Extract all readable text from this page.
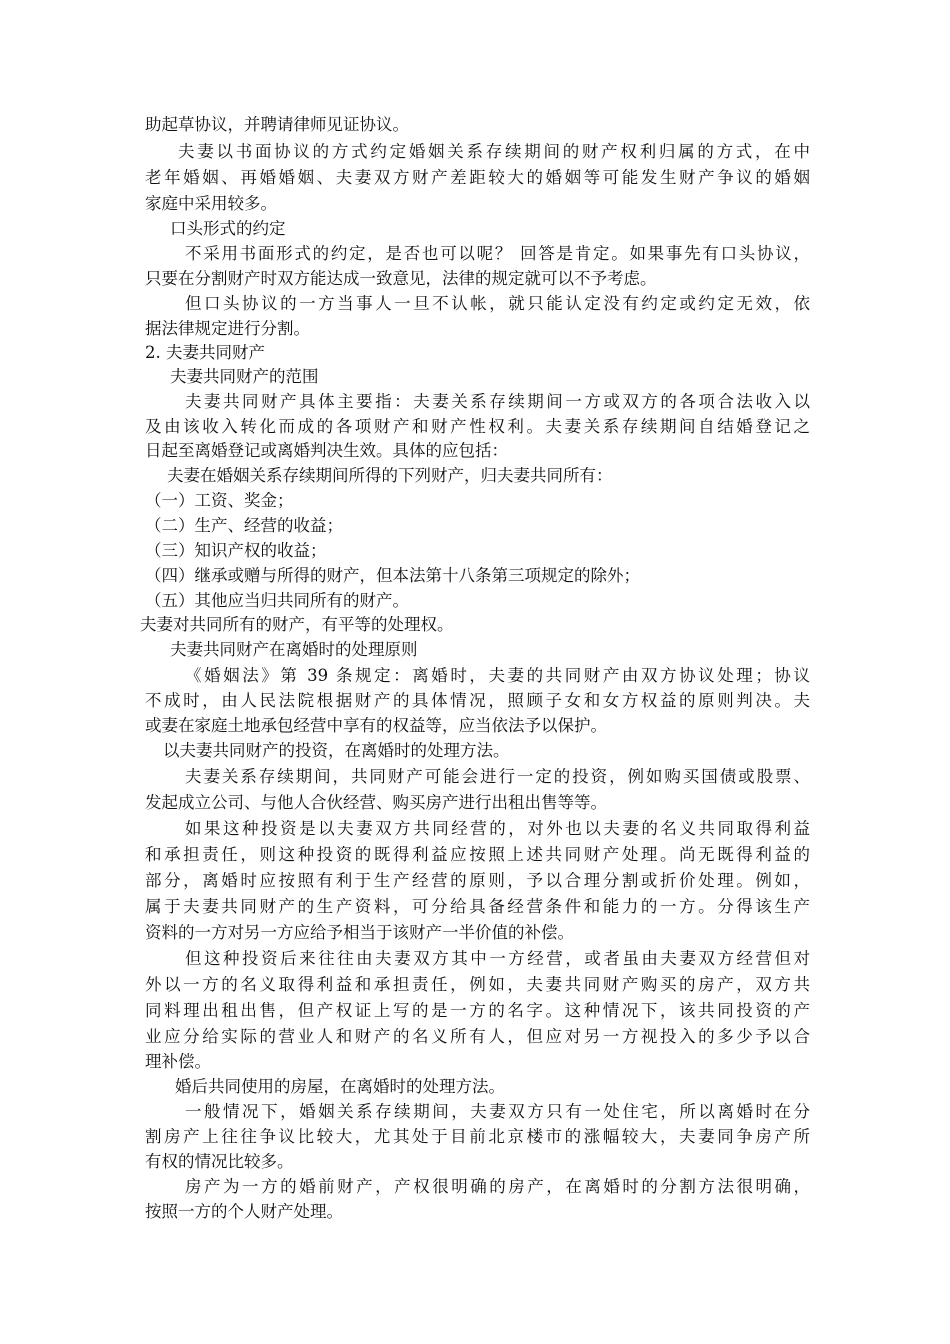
助起草协议，并聘请律师见证协议。
夫妻以书面协议的方式约定婚姻关系存续期间的财产权利归属的方式，在中
老年婚姻、再婚婚姻、夫妻双方财产差距较大的婚姻等可能发生财产争议的婚姻
家庭中采用较多。
口头形式的约定
不采用书面形式的约定，是否也可以呢？ 回答是肯定。如果事先有口头协议，
只要在分割财产时双方能达成一致意见，法律的规定就可以不予考虑。
但口头协议的一方当事人一旦不认帐，就只能认定没有约定或约定无效，依
据法律规定进行分割。
2. 夫妻共同财产
夫妻共同财产的范围
夫妻共同财产具体主要指：夫妻关系存续期间一方或双方的各项合法收入以
及由该收入转化而成的各项财产和财产性权利。夫妻关系存续期间自结婚登记之
日起至离婚登记或离婚判决生效。具体的应包括：
夫妻在婚姻关系存续期间所得的下列财产，归夫妻共同所有：
（一）工资、奖金；
（二）生产、经营的收益；
（三）知识产权的收益；
（四）继承或赠与所得的财产，但本法第十八条第三项规定的除外；
（五）其他应当归共同所有的财产。
夫妻对共同所有的财产，有平等的处理权。
夫妻共同财产在离婚时的处理原则
《婚姻法》第 39 条规定：离婚时，夫妻的共同财产由双方协议处理；协议
不成时，由人民法院根据财产的具体情况，照顾子女和女方权益的原则判决。夫
或妻在家庭土地承包经营中享有的权益等，应当依法予以保护。
以夫妻共同财产的投资，在离婚时的处理方法。
夫妻关系存续期间，共同财产可能会进行一定的投资，例如购买国债或股票、
发起成立公司、与他人合伙经营、购买房产进行出租出售等等。
如果这种投资是以夫妻双方共同经营的，对外也以夫妻的名义共同取得利益
和承担责任，则这种投资的既得利益应按照上述共同财产处理。尚无既得利益的
部分，离婚时应按照有利于生产经营的原则，予以合理分割或折价处理。例如，
属于夫妻共同财产的生产资料，可分给具备经营条件和能力的一方。分得该生产
资料的一方对另一方应给予相当于该财产一半价值的补偿。
但这种投资后来往往由夫妻双方其中一方经营，或者虽由夫妻双方经营但对
外以一方的名义取得利益和承担责任，例如，夫妻共同财产购买的房产，双方共
同料理出租出售，但产权证上写的是一方的名字。这种情况下，该共同投资的产
业应分给实际的营业人和财产的名义所有人，但应对另一方视投入的多少予以合
理补偿。
婚后共同使用的房屋，在离婚时的处理方法。
一般情况下，婚姻关系存续期间，夫妻双方只有一处住宅，所以离婚时在分
割房产上往往争议比较大，尤其处于目前北京楼市的涨幅较大，夫妻同争房产所
有权的情况比较多。
房产为一方的婚前财产，产权很明确的房产，在离婚时的分割方法很明确，
按照一方的个人财产处理。
